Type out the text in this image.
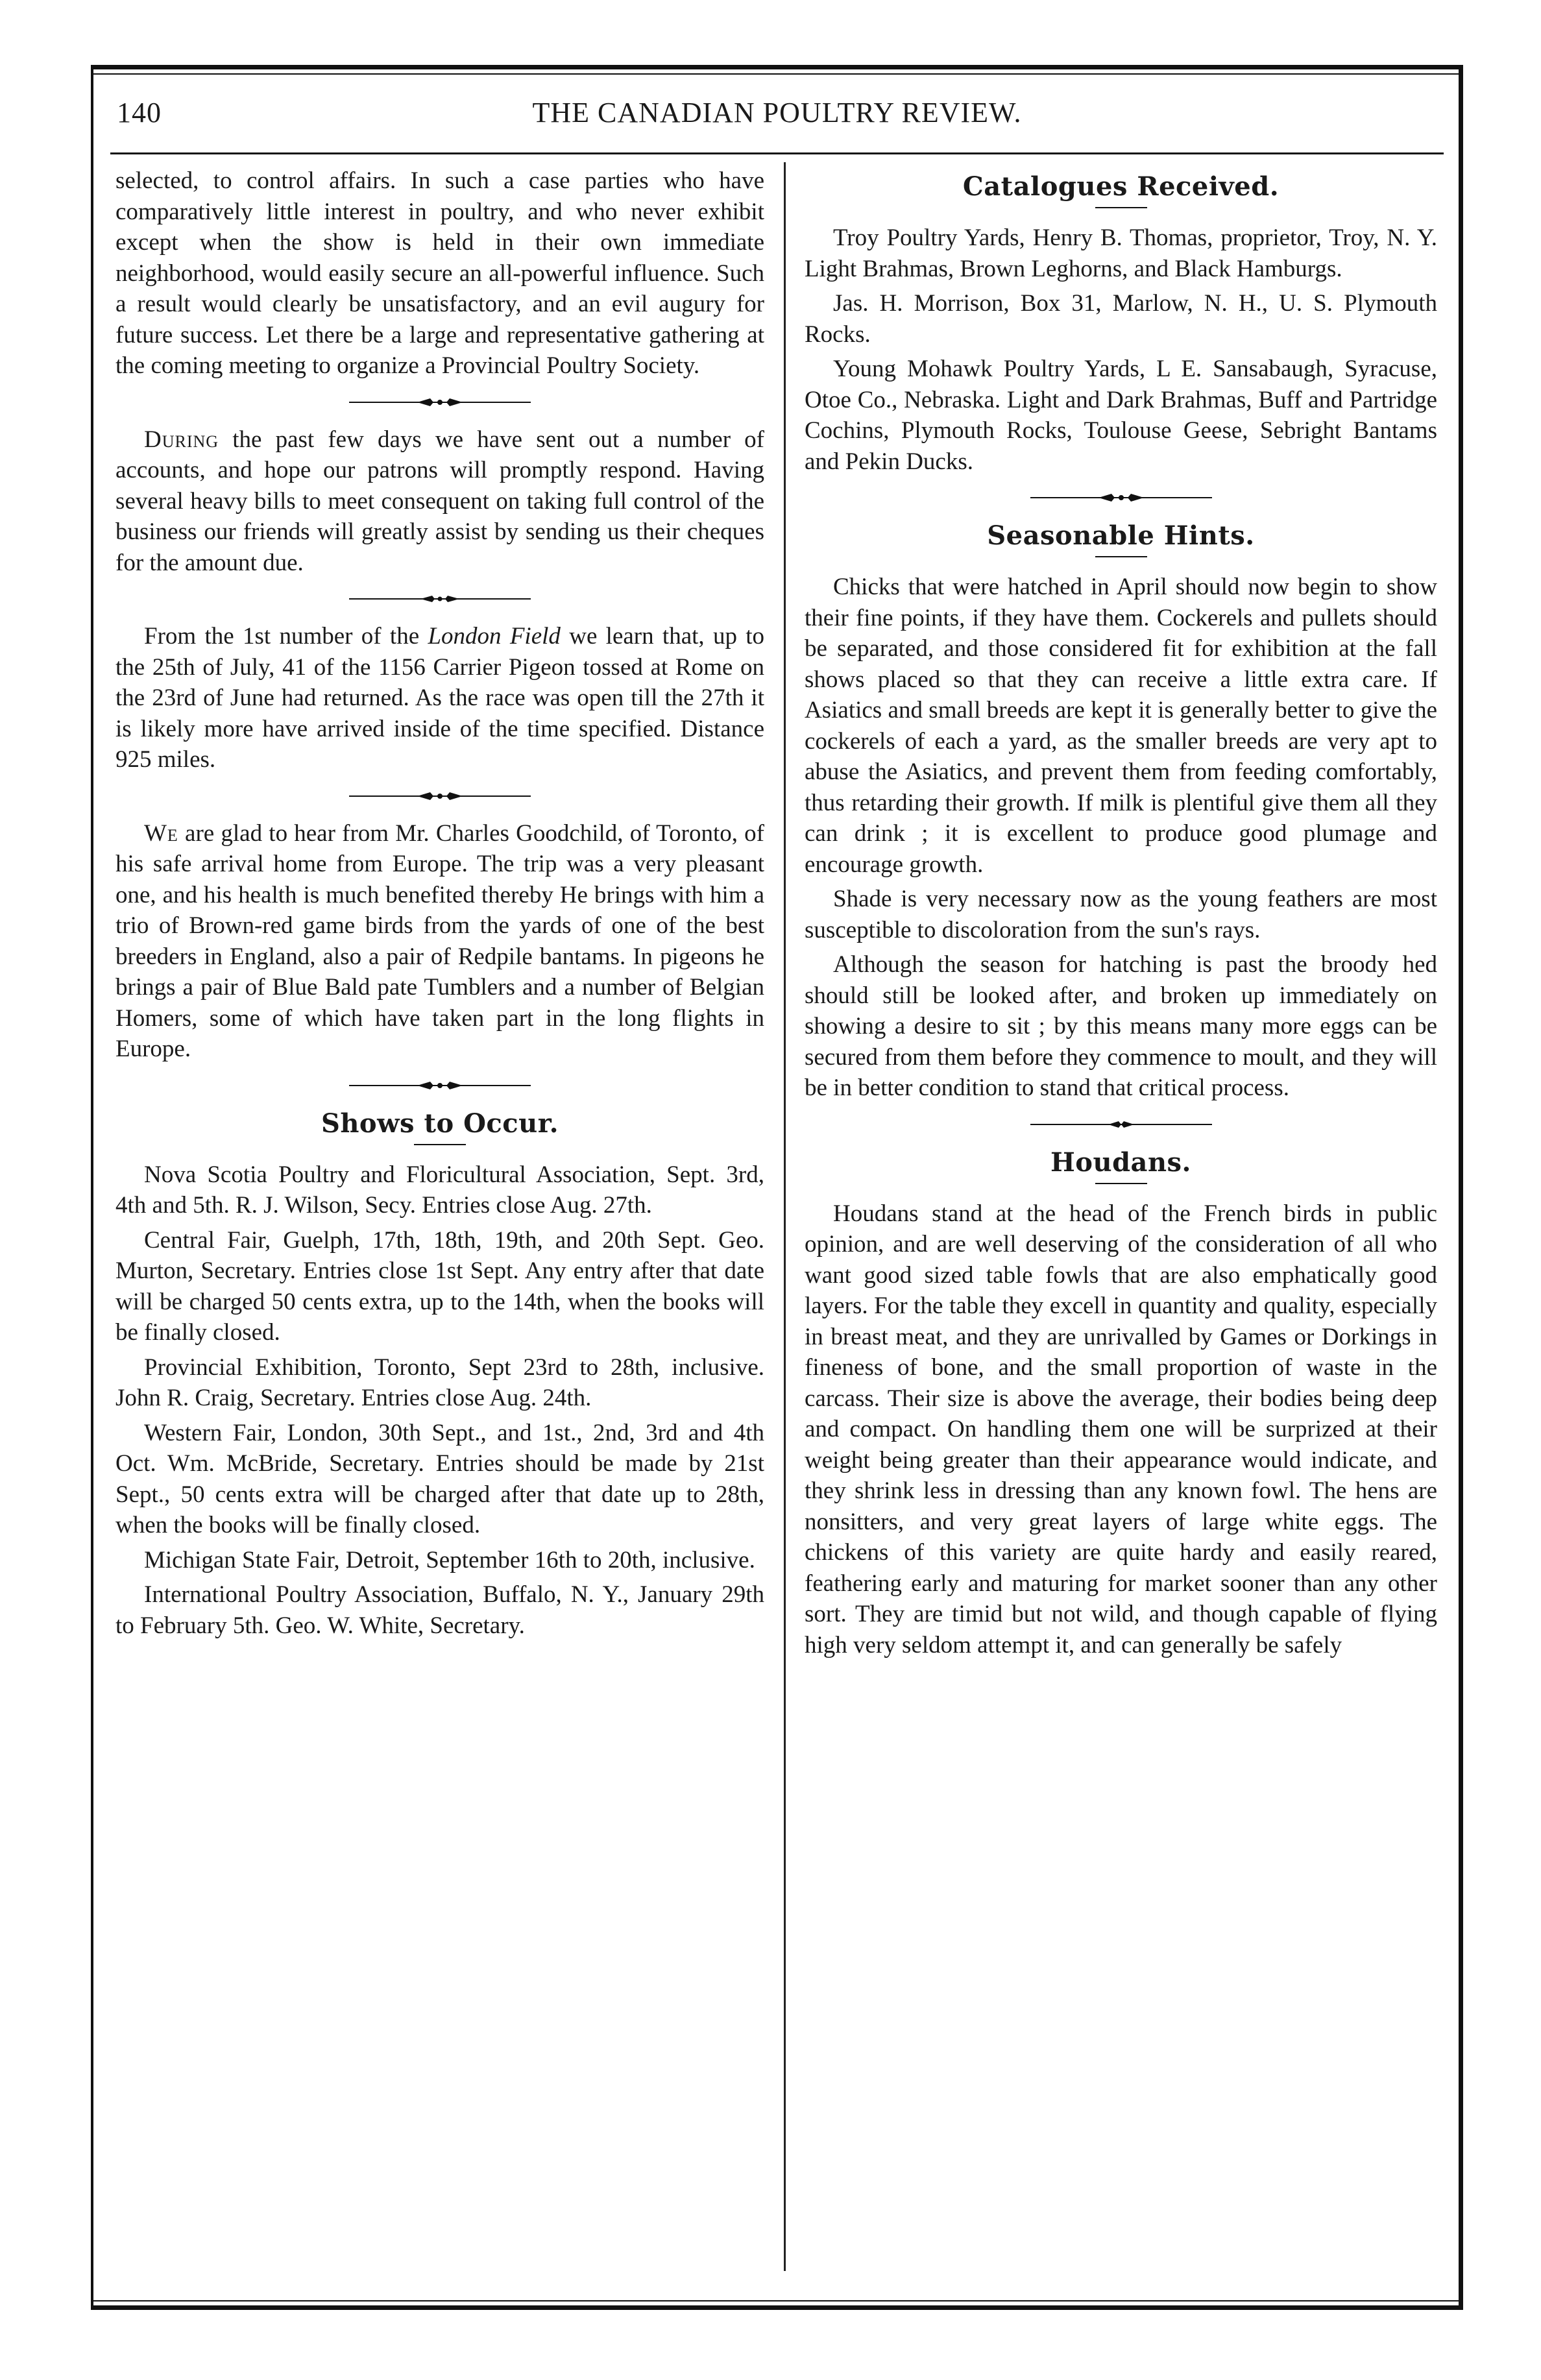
140	THE CANADIAN POULTRY REVIEW.

selected, to control affairs. In such a case parties who have comparatively little interest in poultry, and who never exhibit except when the show is held in their own immediate neighborhood, would easily secure an all-powerful influence. Such a result would clearly be unsatisfactory, and an evil augury for future success. Let there be a large and representative gathering at the coming meeting to organize a Provincial Poultry Society.

During the past few days we have sent out a number of accounts, and hope our patrons will promptly respond. Having several heavy bills to meet consequent on taking full control of the business our friends will greatly assist by sending us their cheques for the amount due.

From the 1st number of the London Field we learn that, up to the 25th of July, 41 of the 1156 Carrier Pigeon tossed at Rome on the 23rd of June had returned. As the race was open till the 27th it is likely more have arrived inside of the time specified. Distance 925 miles.

We are glad to hear from Mr. Charles Goodchild, of Toronto, of his safe arrival home from Europe. The trip was a very pleasant one, and his health is much benefited thereby He brings with him a trio of Brown-red game birds from the yards of one of the best breeders in England, also a pair of Redpile bantams. In pigeons he brings a pair of Blue Bald pate Tumblers and a number of Belgian Homers, some of which have taken part in the long flights in Europe.

Shows to Occur.

Nova Scotia Poultry and Floricultural Association, Sept. 3rd, 4th and 5th. R. J. Wilson, Secy. Entries close Aug. 27th.

Central Fair, Guelph, 17th, 18th, 19th, and 20th Sept. Geo. Murton, Secretary. Entries close 1st Sept. Any entry after that date will be charged 50 cents extra, up to the 14th, when the books will be finally closed.

Provincial Exhibition, Toronto, Sept 23rd to 28th, inclusive. John R. Craig, Secretary. Entries close Aug. 24th.

Western Fair, London, 30th Sept., and 1st., 2nd, 3rd and 4th Oct. Wm. McBride, Secretary. Entries should be made by 21st Sept., 50 cents extra will be charged after that date up to 28th, when the books will be finally closed.

Michigan State Fair, Detroit, September 16th to 20th, inclusive.

International Poultry Association, Buffalo, N. Y., January 29th to February 5th. Geo. W. White, Secretary.

Catalogues Received.

Troy Poultry Yards, Henry B. Thomas, proprietor, Troy, N. Y. Light Brahmas, Brown Leghorns, and Black Hamburgs.

Jas. H. Morrison, Box 31, Marlow, N. H., U. S. Plymouth Rocks.

Young Mohawk Poultry Yards, L E. Sansabaugh, Syracuse, Otoe Co., Nebraska. Light and Dark Brahmas, Buff and Partridge Cochins, Plymouth Rocks, Toulouse Geese, Sebright Bantams and Pekin Ducks.

Seasonable Hints.

Chicks that were hatched in April should now begin to show their fine points, if they have them. Cockerels and pullets should be separated, and those considered fit for exhibition at the fall shows placed so that they can receive a little extra care. If Asiatics and small breeds are kept it is generally better to give the cockerels of each a yard, as the smaller breeds are very apt to abuse the Asiatics, and prevent them from feeding comfortably, thus retarding their growth. If milk is plentiful give them all they can drink ; it is excellent to produce good plumage and encourage growth.

Shade is very necessary now as the young feathers are most susceptible to discoloration from the sun's rays.

Although the season for hatching is past the broody hed should still be looked after, and broken up immediately on showing a desire to sit ; by this means many more eggs can be secured from them before they commence to moult, and they will be in better condition to stand that critical process.

Houdans.

Houdans stand at the head of the French birds in public opinion, and are well deserving of the consideration of all who want good sized table fowls that are also emphatically good layers. For the table they excell in quantity and quality, especially in breast meat, and they are unrivalled by Games or Dorkings in fineness of bone, and the small proportion of waste in the carcass. Their size is above the average, their bodies being deep and compact. On handling them one will be surprized at their weight being greater than their appearance would indicate, and they shrink less in dressing than any known fowl. The hens are nonsitters, and very great layers of large white eggs. The chickens of this variety are quite hardy and easily reared, feathering early and maturing for market sooner than any other sort. They are timid but not wild, and though capable of flying high very seldom attempt it, and can generally be safely
